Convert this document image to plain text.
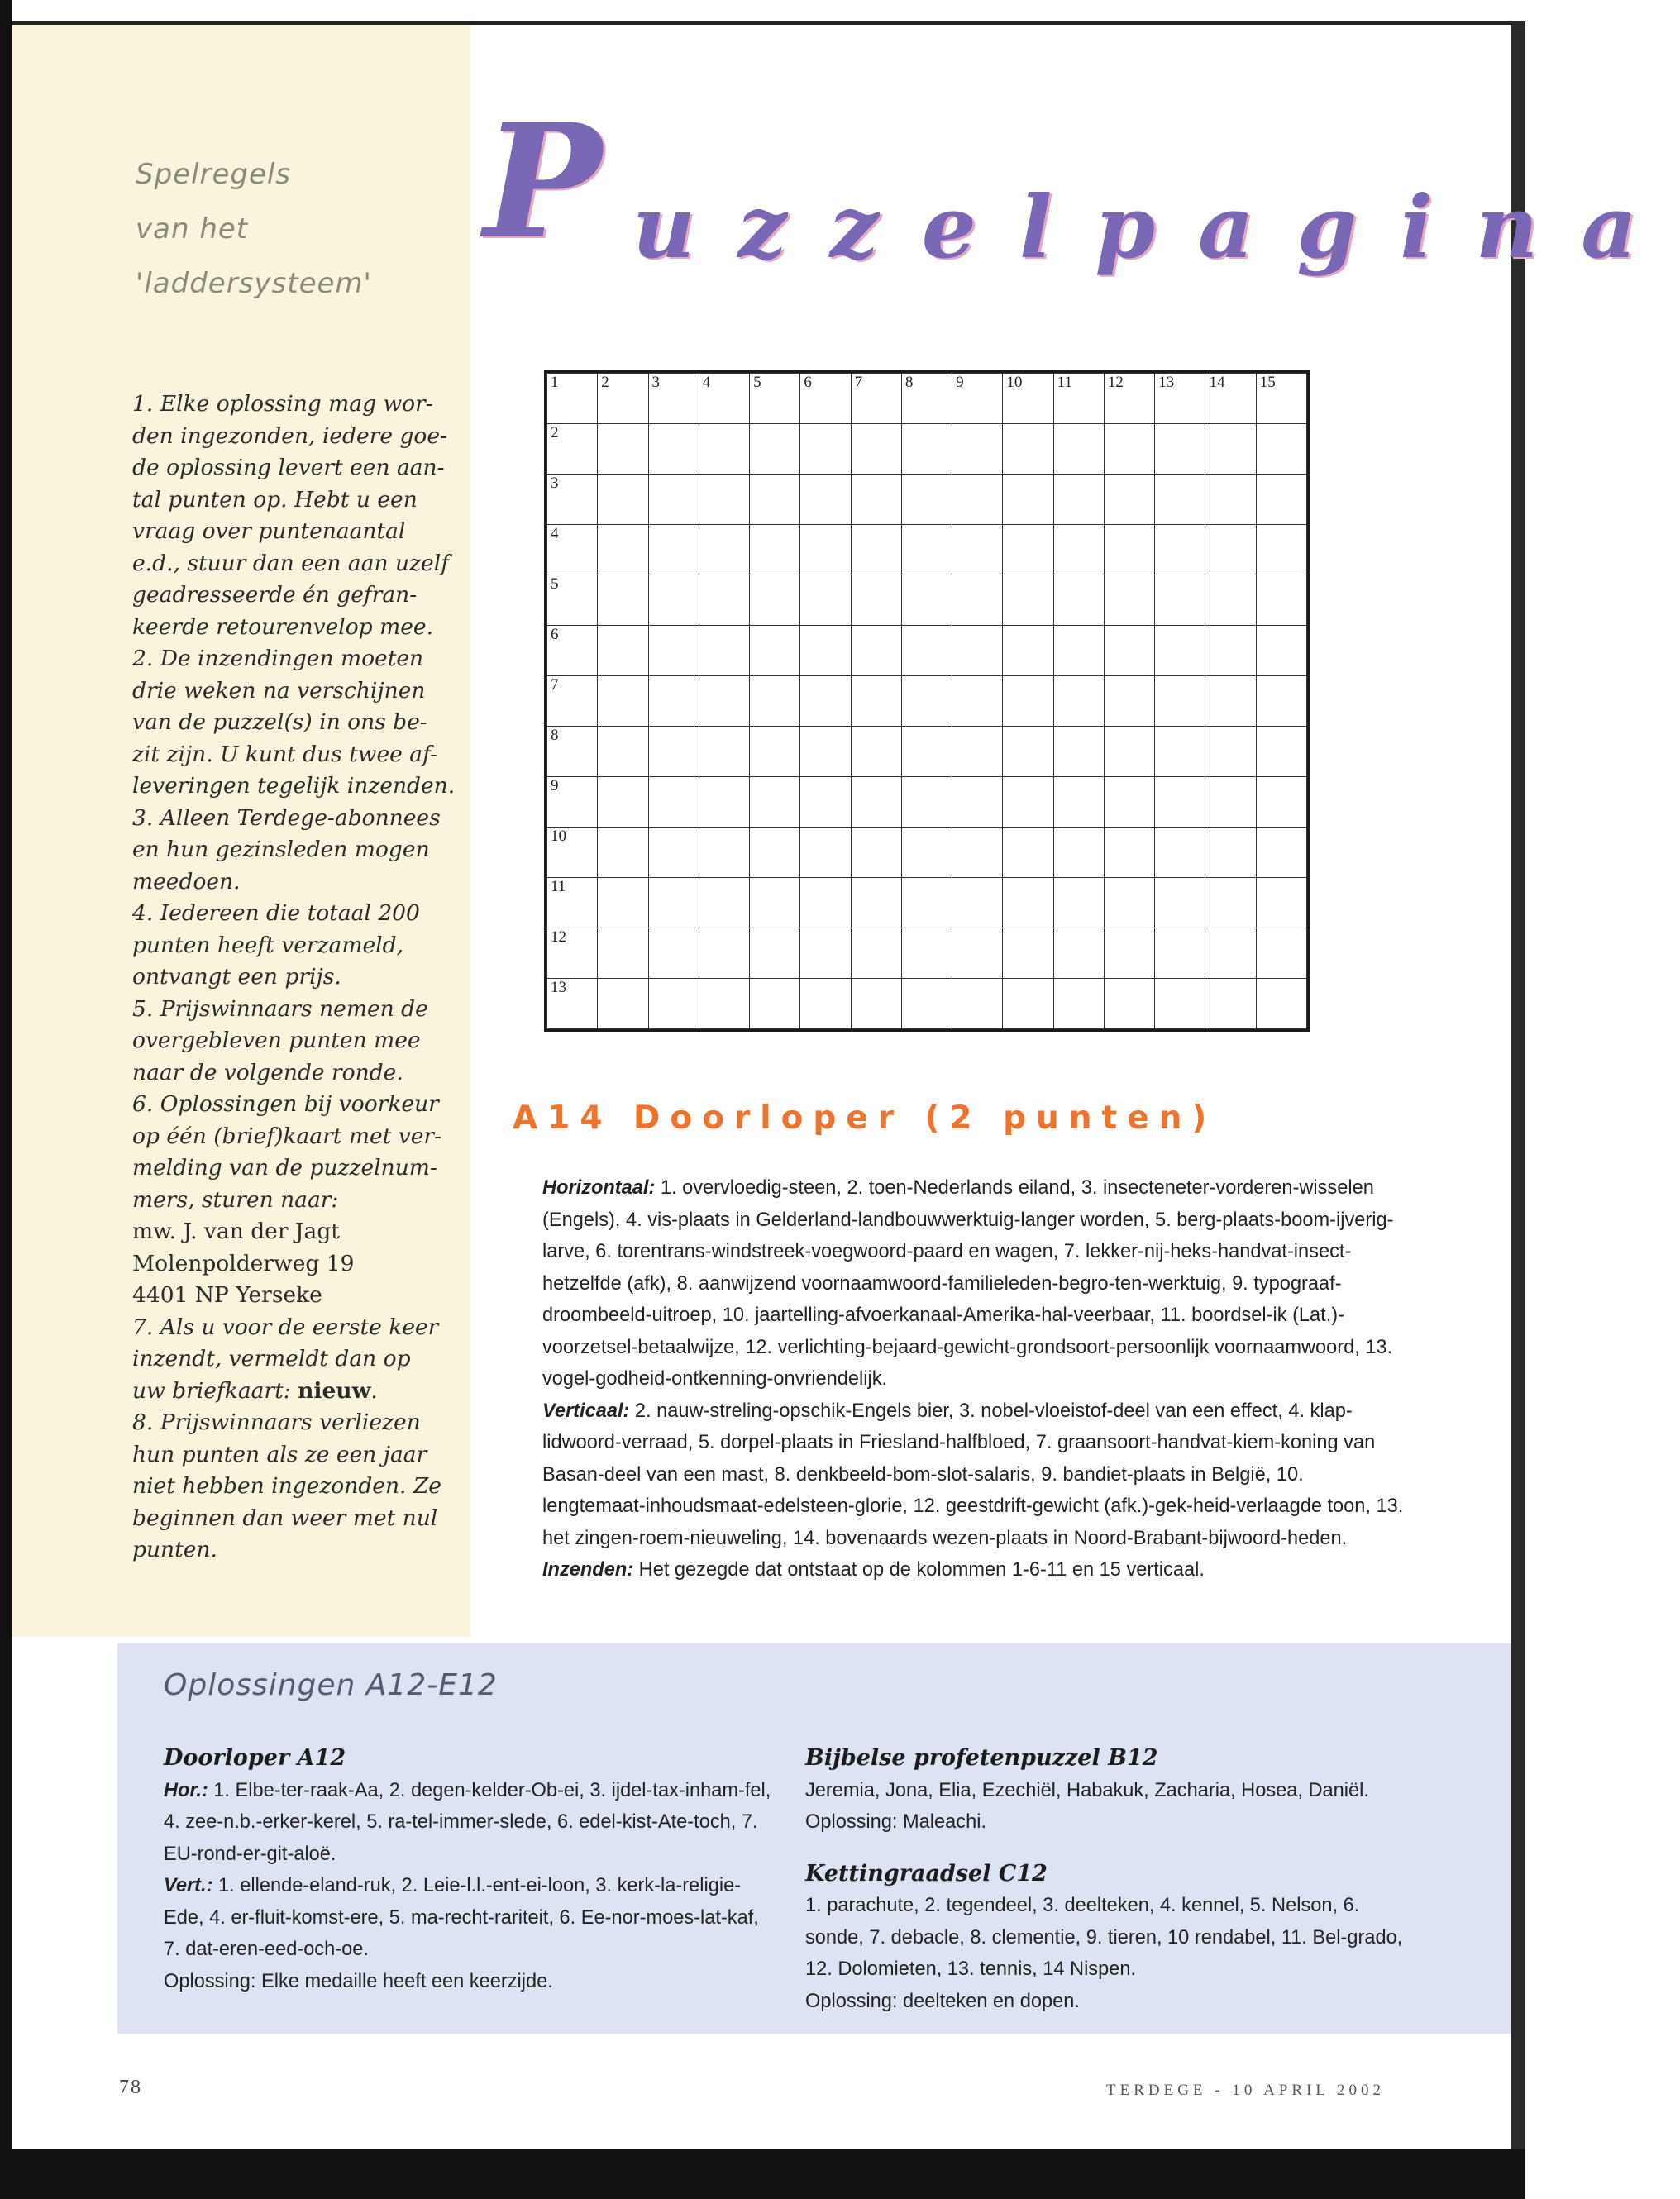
Spelregels
van het
'laddersysteem'

1. Elke oplossing mag wor-

den ingezonden, iedere goe-

de oplossing levert een aan-

tal punten op. Hebt u een

vraag over puntenaantal

e.d., stuur dan een aan uzelf

geadresseerde én gefran-

keerde retourenvelop mee.

2. De inzendingen moeten

drie weken na verschijnen

van de puzzel(s) in ons be-

zit zijn. U kunt dus twee af-

leveringen tegelijk inzenden.

3. Alleen Terdege-abonnees

en hun gezinsleden mogen

meedoen.

4. Iedereen die totaal 200

punten heeft verzameld,

ontvangt een prijs.

5. Prijswinnaars nemen de

overgebleven punten mee

naar de volgende ronde.

6. Oplossingen bij voorkeur

op één (brief)kaart met ver-

melding van de puzzelnum-

mers, sturen naar:

mw. J. van der Jagt

Molenpolderweg 19

4401 NP Yerseke

7. Als u voor de eerste keer

inzendt, vermeldt dan op

uw briefkaart: nieuw.

8. Prijswinnaars verliezen

hun punten als ze een jaar

niet hebben ingezonden. Ze

beginnen dan weer met nul

punten.

P uzzelpagina
1	2	3	4	5	6	7	8	9	10	11	12	13	14	15

2														

3														

4														

5														

6														

7														

8														

9														

10														

11														

12														

13														

A14 Doorloper (2 punten)

Horizontaal: 1. overvloedig-steen, 2. toen-Nederlands eiland, 3. insecteneter-vorderen-wisselen (Engels), 4. vis-plaats in Gelderland-landbouwwerktuig-langer worden, 5. berg-plaats-boom-ijverig-larve, 6. torentrans-windstreek-voegwoord-paard en wagen, 7. lekker-nij-heks-handvat-insect-hetzelfde (afk), 8. aanwijzend voornaamwoord-familieleden-begro-ten-werktuig, 9. typograaf-droombeeld-uitroep, 10. jaartelling-afvoerkanaal-Amerika-hal-veerbaar, 11. boordsel-ik (Lat.)-voorzetsel-betaalwijze, 12. verlichting-bejaard-gewicht-grondsoort-persoonlijk voornaamwoord, 13. vogel-godheid-ontkenning-onvriendelijk.

Verticaal: 2. nauw-streling-opschik-Engels bier, 3. nobel-vloeistof-deel van een effect, 4. klap-lidwoord-verraad, 5. dorpel-plaats in Friesland-halfbloed, 7. graansoort-handvat-kiem-koning van Basan-deel van een mast, 8. denkbeeld-bom-slot-salaris, 9. bandiet-plaats in België, 10. lengtemaat-inhoudsmaat-edelsteen-glorie, 12. geestdrift-gewicht (afk.)-gek-heid-verlaagde toon, 13. het zingen-roem-nieuweling, 14. bovenaards wezen-plaats in Noord-Brabant-bijwoord-heden.

Inzenden: Het gezegde dat ontstaat op de kolommen 1-6-11 en 15 verticaal.

Oplossingen A12-E12

Doorloper A12

Hor.: 1. Elbe-ter-raak-Aa, 2. degen-kelder-Ob-ei, 3. ijdel-tax-inham-fel, 4. zee-n.b.-erker-kerel, 5. ra-tel-immer-slede, 6. edel-kist-Ate-toch, 7. EU-rond-er-git-aloë.

Vert.: 1. ellende-eland-ruk, 2. Leie-l.l.-ent-ei-loon, 3. kerk-la-religie-Ede, 4. er-fluit-komst-ere, 5. ma-recht-rariteit, 6. Ee-nor-moes-lat-kaf, 7. dat-eren-eed-och-oe.

Oplossing: Elke medaille heeft een keerzijde.

Bijbelse profetenpuzzel B12

Jeremia, Jona, Elia, Ezechiël, Habakuk, Zacharia, Hosea, Daniël.

Oplossing: Maleachi.

Kettingraadsel C12

1. parachute, 2. tegendeel, 3. deelteken, 4. kennel, 5. Nelson, 6. sonde, 7. debacle, 8. clementie, 9. tieren, 10 rendabel, 11. Bel-grado, 12. Dolomieten, 13. tennis, 14 Nispen.

Oplossing: deelteken en dopen.

78	TERDEGE - 10 APRIL 2002
